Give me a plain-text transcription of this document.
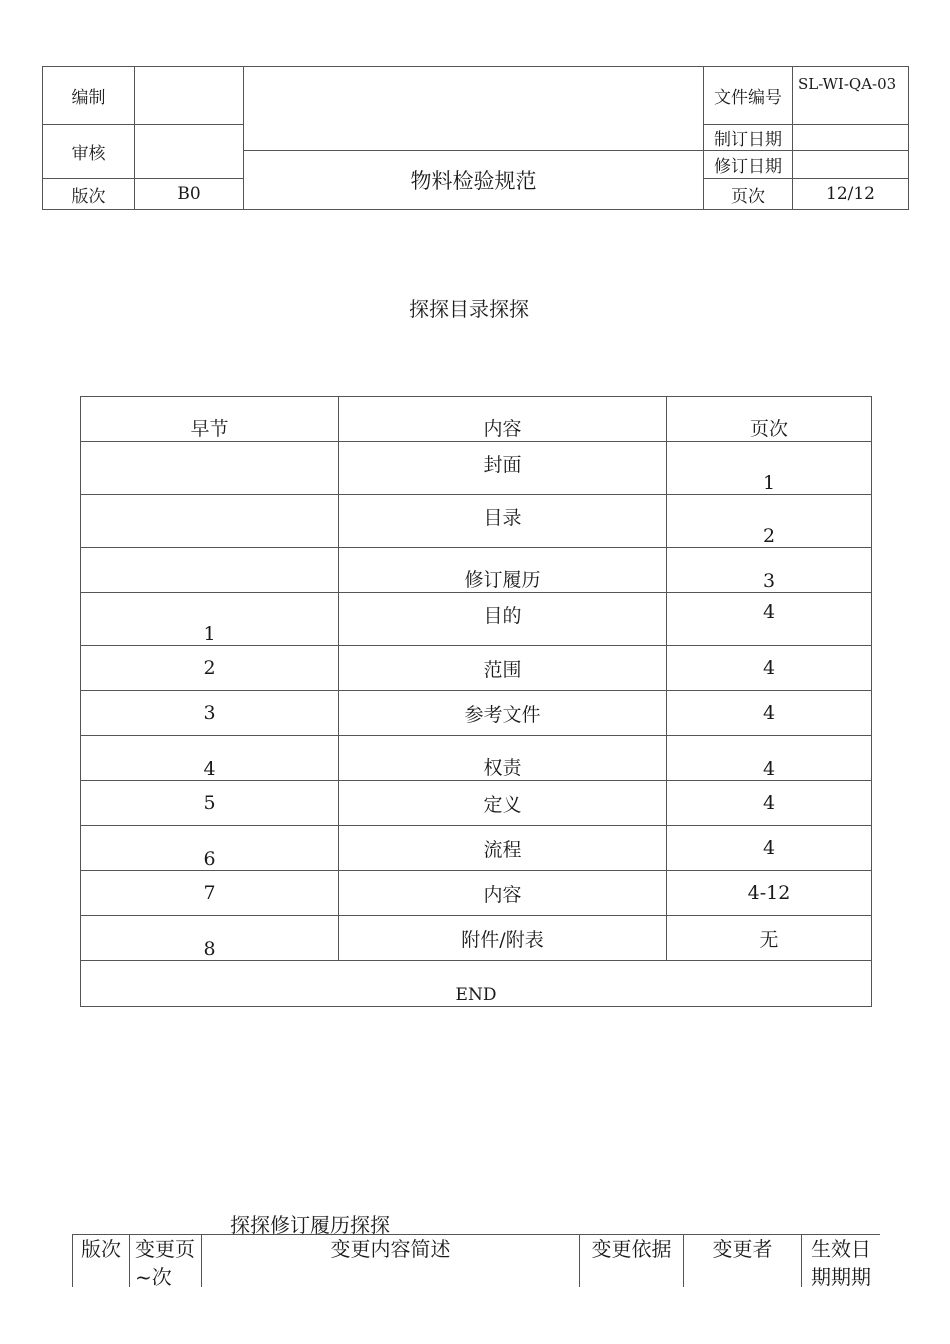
编制			文件编号	SL-WI-QA-03
审核			制订日期	
		物料检验规范	修订日期	
版次	B0		页次	12/12
探探目录探探
早节	内容	页次
	封面	1
	目录	2
	修订履历	3
1	目的	4
2	范围	4
3	参考文件	4
4	权责	4
5	定义	4
6	流程	4
7	内容	4-12
8	附件/附表	无
END		
探探修订履历探探
版次	变更页~次	变更内容简述	变更依据	变更者	生效日期期期
